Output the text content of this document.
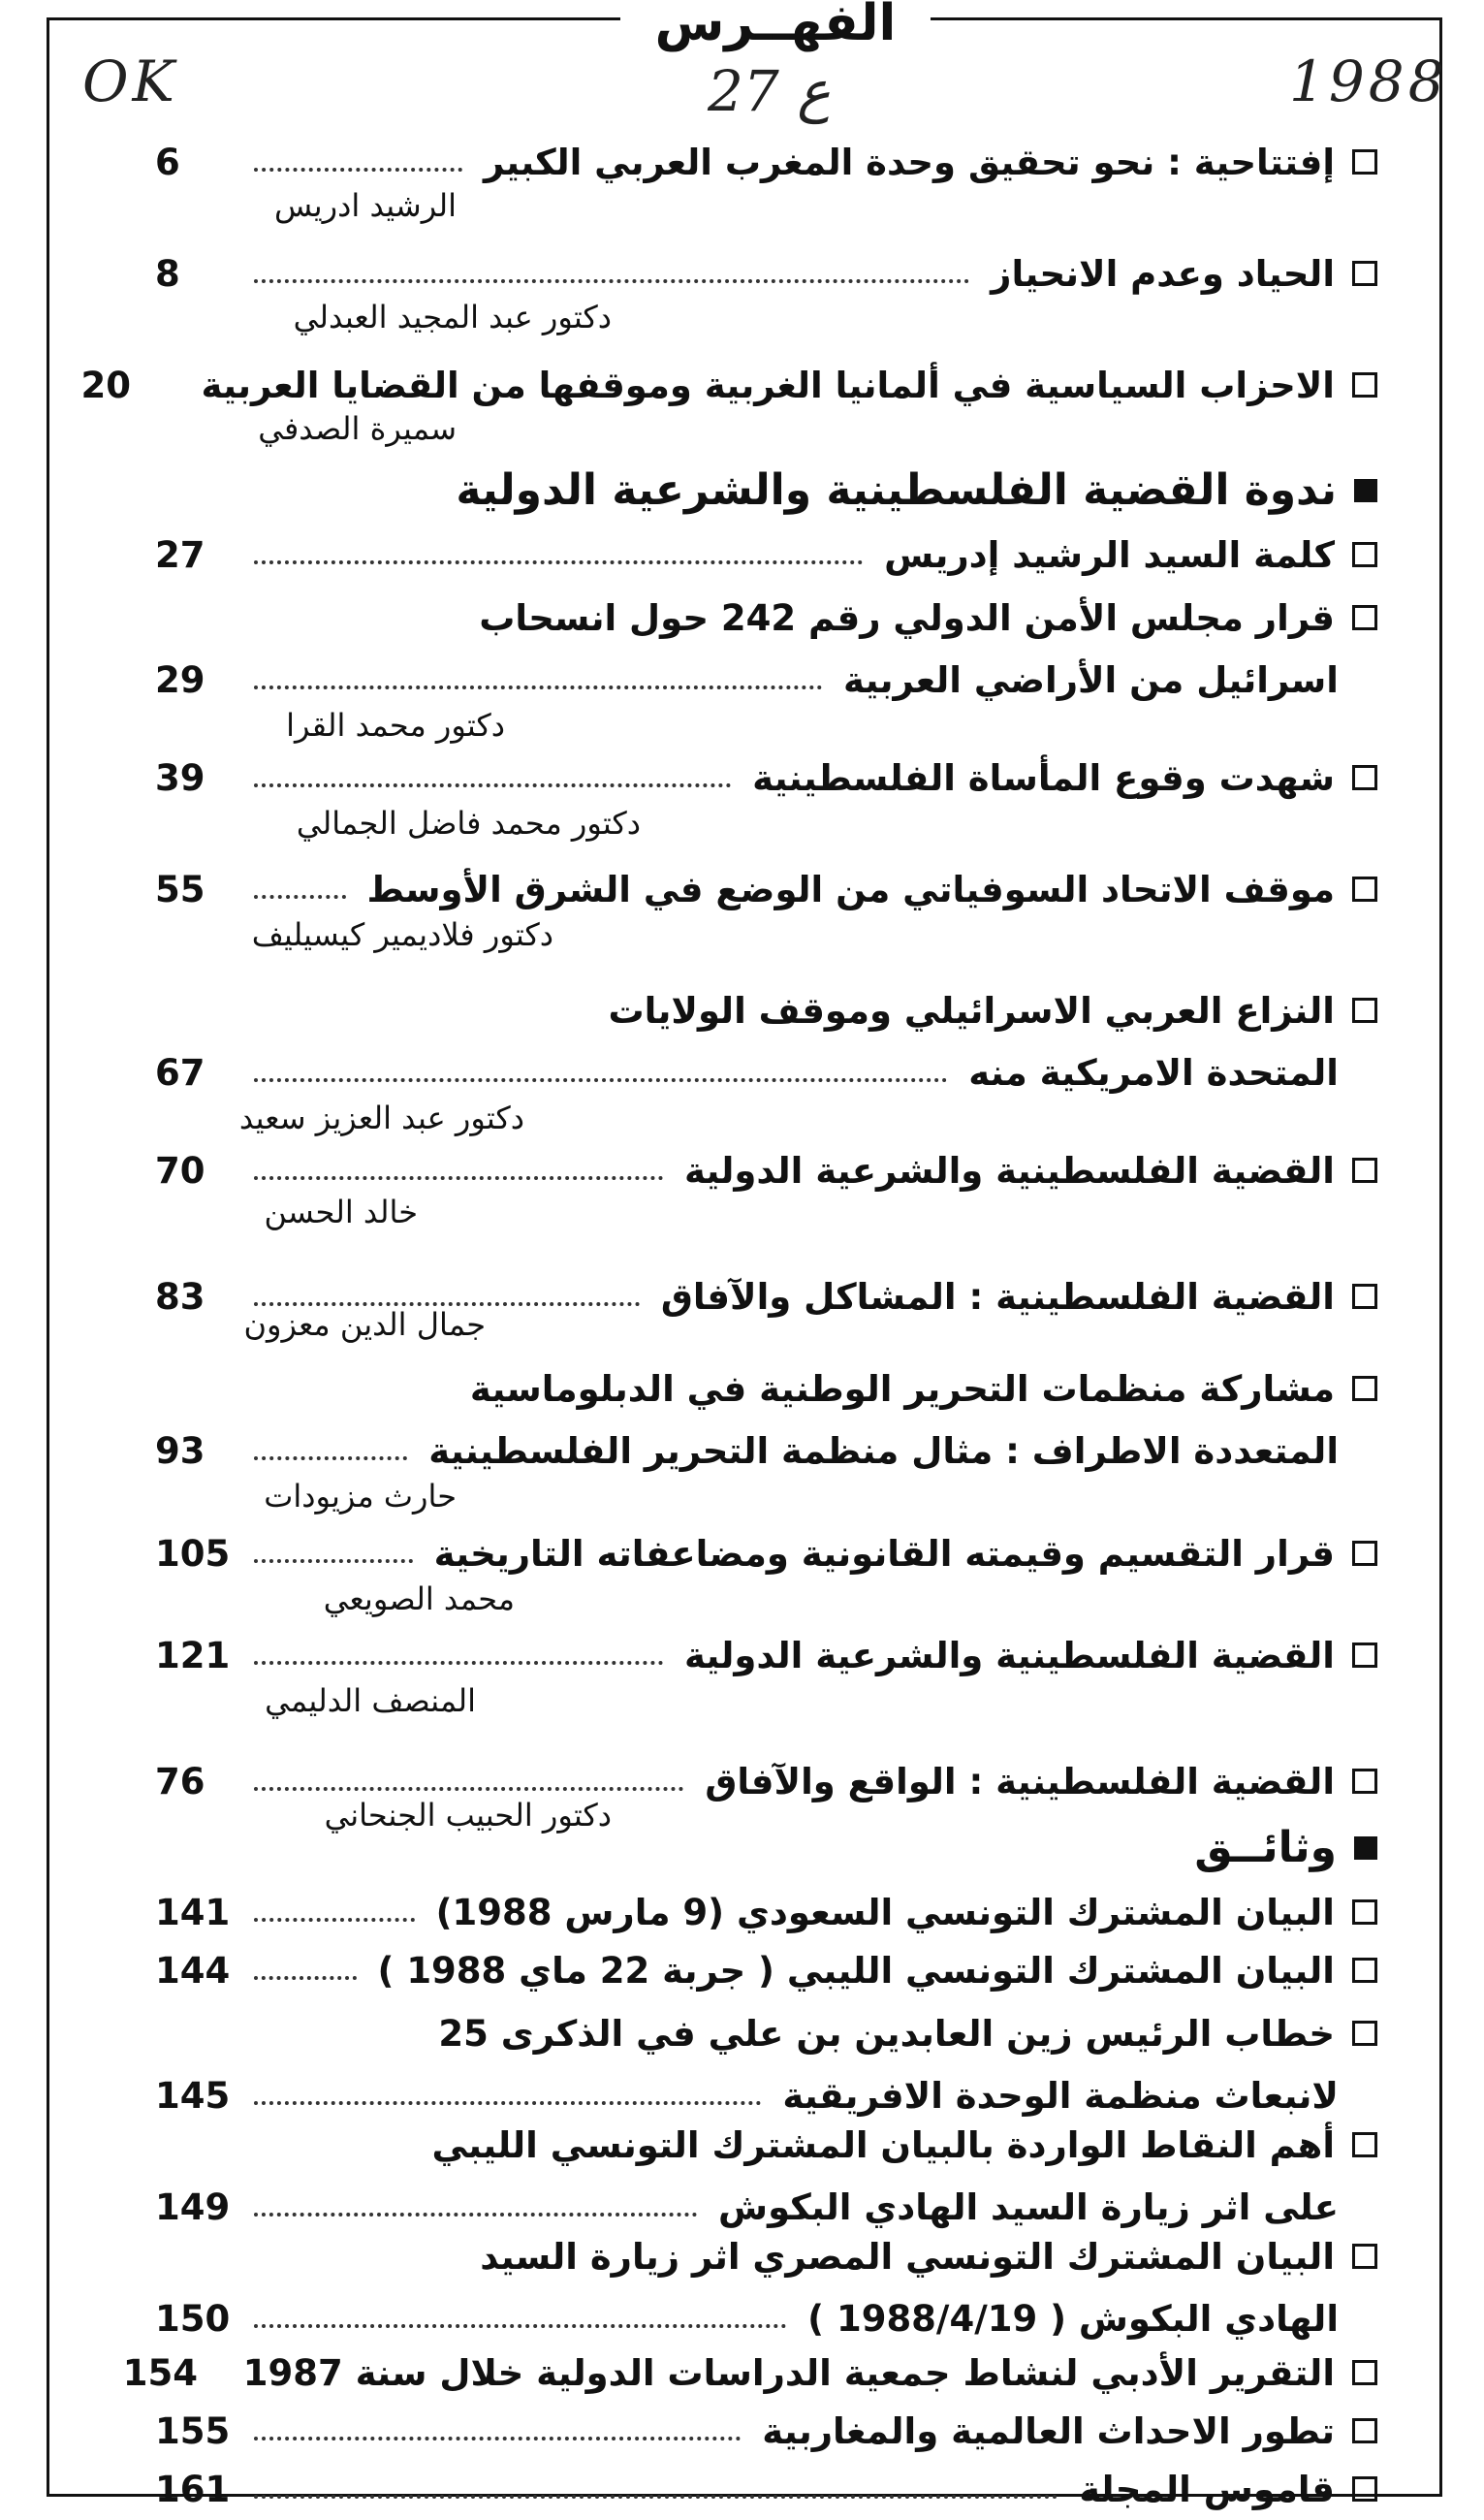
الفهــرس
OK	27 ع	1988
إفتتاحية : نحو تحقيق وحدة المغرب العربي الكبير
6
الرشيد ادريس
الحياد وعدم الانحياز
8
دكتور عبد المجيد العبدلي
الاحزاب السياسية في ألمانيا الغربية وموقفها من القضايا العربية
20
سميرة الصدفي
ندوة القضية الفلسطينية والشرعية الدولية
كلمة السيد الرشيد إدريس
27
قرار مجلس الأمن الدولي رقم 242 حول انسحاب
اسرائيل من الأراضي العربية
29
دكتور محمد القرا
شهدت وقوع المأساة الفلسطينية
39
دكتور محمد فاضل الجمالي
موقف الاتحاد السوفياتي من الوضع في الشرق الأوسط
55
دكتور فلاديمير كيسيليف
النزاع العربي الاسرائيلي وموقف الولايات
المتحدة الامريكية منه
67
دكتور عبد العزيز سعيد
القضية الفلسطينية والشرعية الدولية
70
خالد الحسن
القضية الفلسطينية : المشاكل والآفاق
83
جمال الدين معزون
مشاركة منظمات التحرير الوطنية في الدبلوماسية
المتعددة الاطراف : مثال منظمة التحرير الفلسطينية
93
حارث مزيودات
قرار التقسيم وقيمته القانونية ومضاعفاته التاريخية
105
محمد الصويعي
القضية الفلسطينية والشرعية الدولية
121
المنصف الدليمي
القضية الفلسطينية : الواقع والآفاق
76
دكتور الحبيب الجنحاني
وثائــق
البيان المشترك التونسي السعودي (9 مارس 1988)
141
البيان المشترك التونسي الليبي ( جربة 22 ماي 1988 )
144
خطاب الرئيس زين العابدين بن علي في الذكرى 25
لانبعاث منظمة الوحدة الافريقية
145
أهم النقاط الواردة بالبيان المشترك التونسي الليبي
على اثر زيارة السيد الهادي البكوش
149
البيان المشترك التونسي المصري اثر زيارة السيد
الهادي البكوش ( 1988/4/19 )
150
التقرير الأدبي لنشاط جمعية الدراسات الدولية خلال سنة 1987
154
تطور الاحداث العالمية والمغاربية
155
قاموس المجلة
161
